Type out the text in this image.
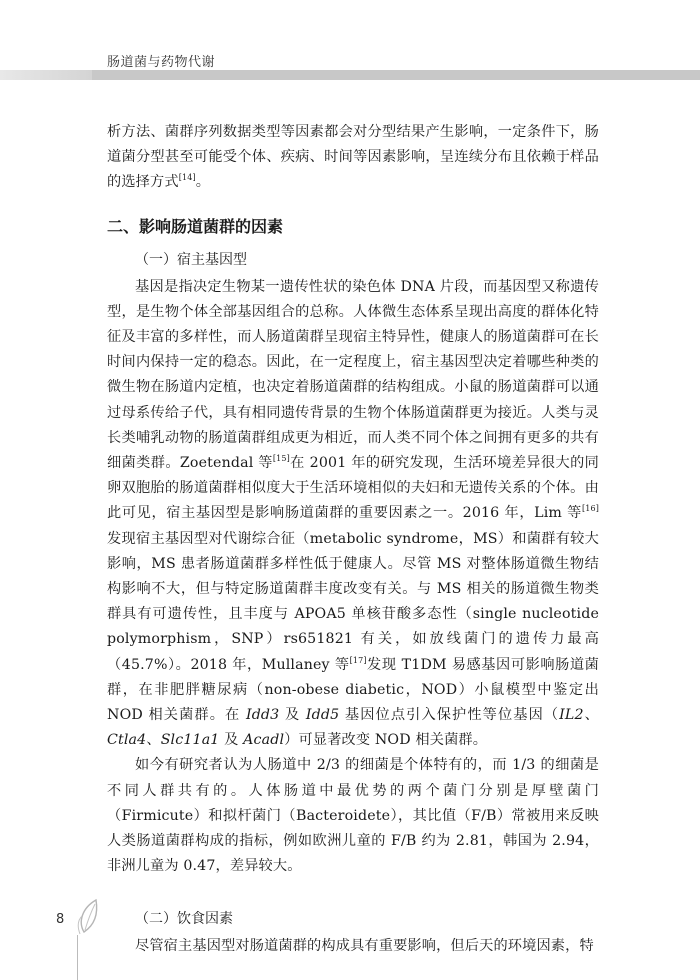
肠道菌与药物代谢

析方法、菌群序列数据类型等因素都会对分型结果产生影响，一定条件下，肠道菌分型甚至可能受个体、疾病、时间等因素影响，呈连续分布且依赖于样品的选择方式[14]。

二、影响肠道菌群的因素
（一）宿主基因型

基因是指决定生物某一遗传性状的染色体 DNA 片段，而基因型又称遗传型，是生物个体全部基因组合的总称。人体微生态体系呈现出高度的群体化特征及丰富的多样性，而人肠道菌群呈现宿主特异性，健康人的肠道菌群可在长时间内保持一定的稳态。因此，在一定程度上，宿主基因型决定着哪些种类的微生物在肠道内定植，也决定着肠道菌群的结构组成。小鼠的肠道菌群可以通过母系传给子代，具有相同遗传背景的生物个体肠道菌群更为接近。人类与灵长类哺乳动物的肠道菌群组成更为相近，而人类不同个体之间拥有更多的共有细菌类群。Zoetendal 等[15]在 2001 年的研究发现，生活环境差异很大的同卵双胞胎的肠道菌群相似度大于生活环境相似的夫妇和无遗传关系的个体。由此可见，宿主基因型是影响肠道菌群的重要因素之一。2016 年，Lim 等[16]发现宿主基因型对代谢综合征（metabolic syndrome，MS）和菌群有较大影响，MS 患者肠道菌群多样性低于健康人。尽管 MS 对整体肠道微生物结构影响不大，但与特定肠道菌群丰度改变有关。与 MS 相关的肠道微生物类群具有可遗传性，且丰度与 APOA5 单核苷酸多态性（single nucleotide polymorphism，SNP）rs651821 有关，如放线菌门的遗传力最高（45.7%）。2018 年，Mullaney 等[17]发现 T1DM 易感基因可影响肠道菌群，在非肥胖糖尿病（non-obese diabetic，NOD）小鼠模型中鉴定出 NOD 相关菌群。在 Idd3 及 Idd5 基因位点引入保护性等位基因（IL2、Ctla4、Slc11a1 及 Acadl）可显著改变 NOD 相关菌群。

如今有研究者认为人肠道中 2/3 的细菌是个体特有的，而 1/3 的细菌是不同人群共有的。人体肠道中最优势的两个菌门分别是厚壁菌门（Firmicute）和拟杆菌门（Bacteroidete），其比值（F/B）常被用来反映人类肠道菌群构成的指标，例如欧洲儿童的 F/B 约为 2.81，韩国为 2.94，非洲儿童为 0.47，差异较大。

（二）饮食因素

尽管宿主基因型对肠道菌群的构成具有重要影响，但后天的环境因素，特

8
